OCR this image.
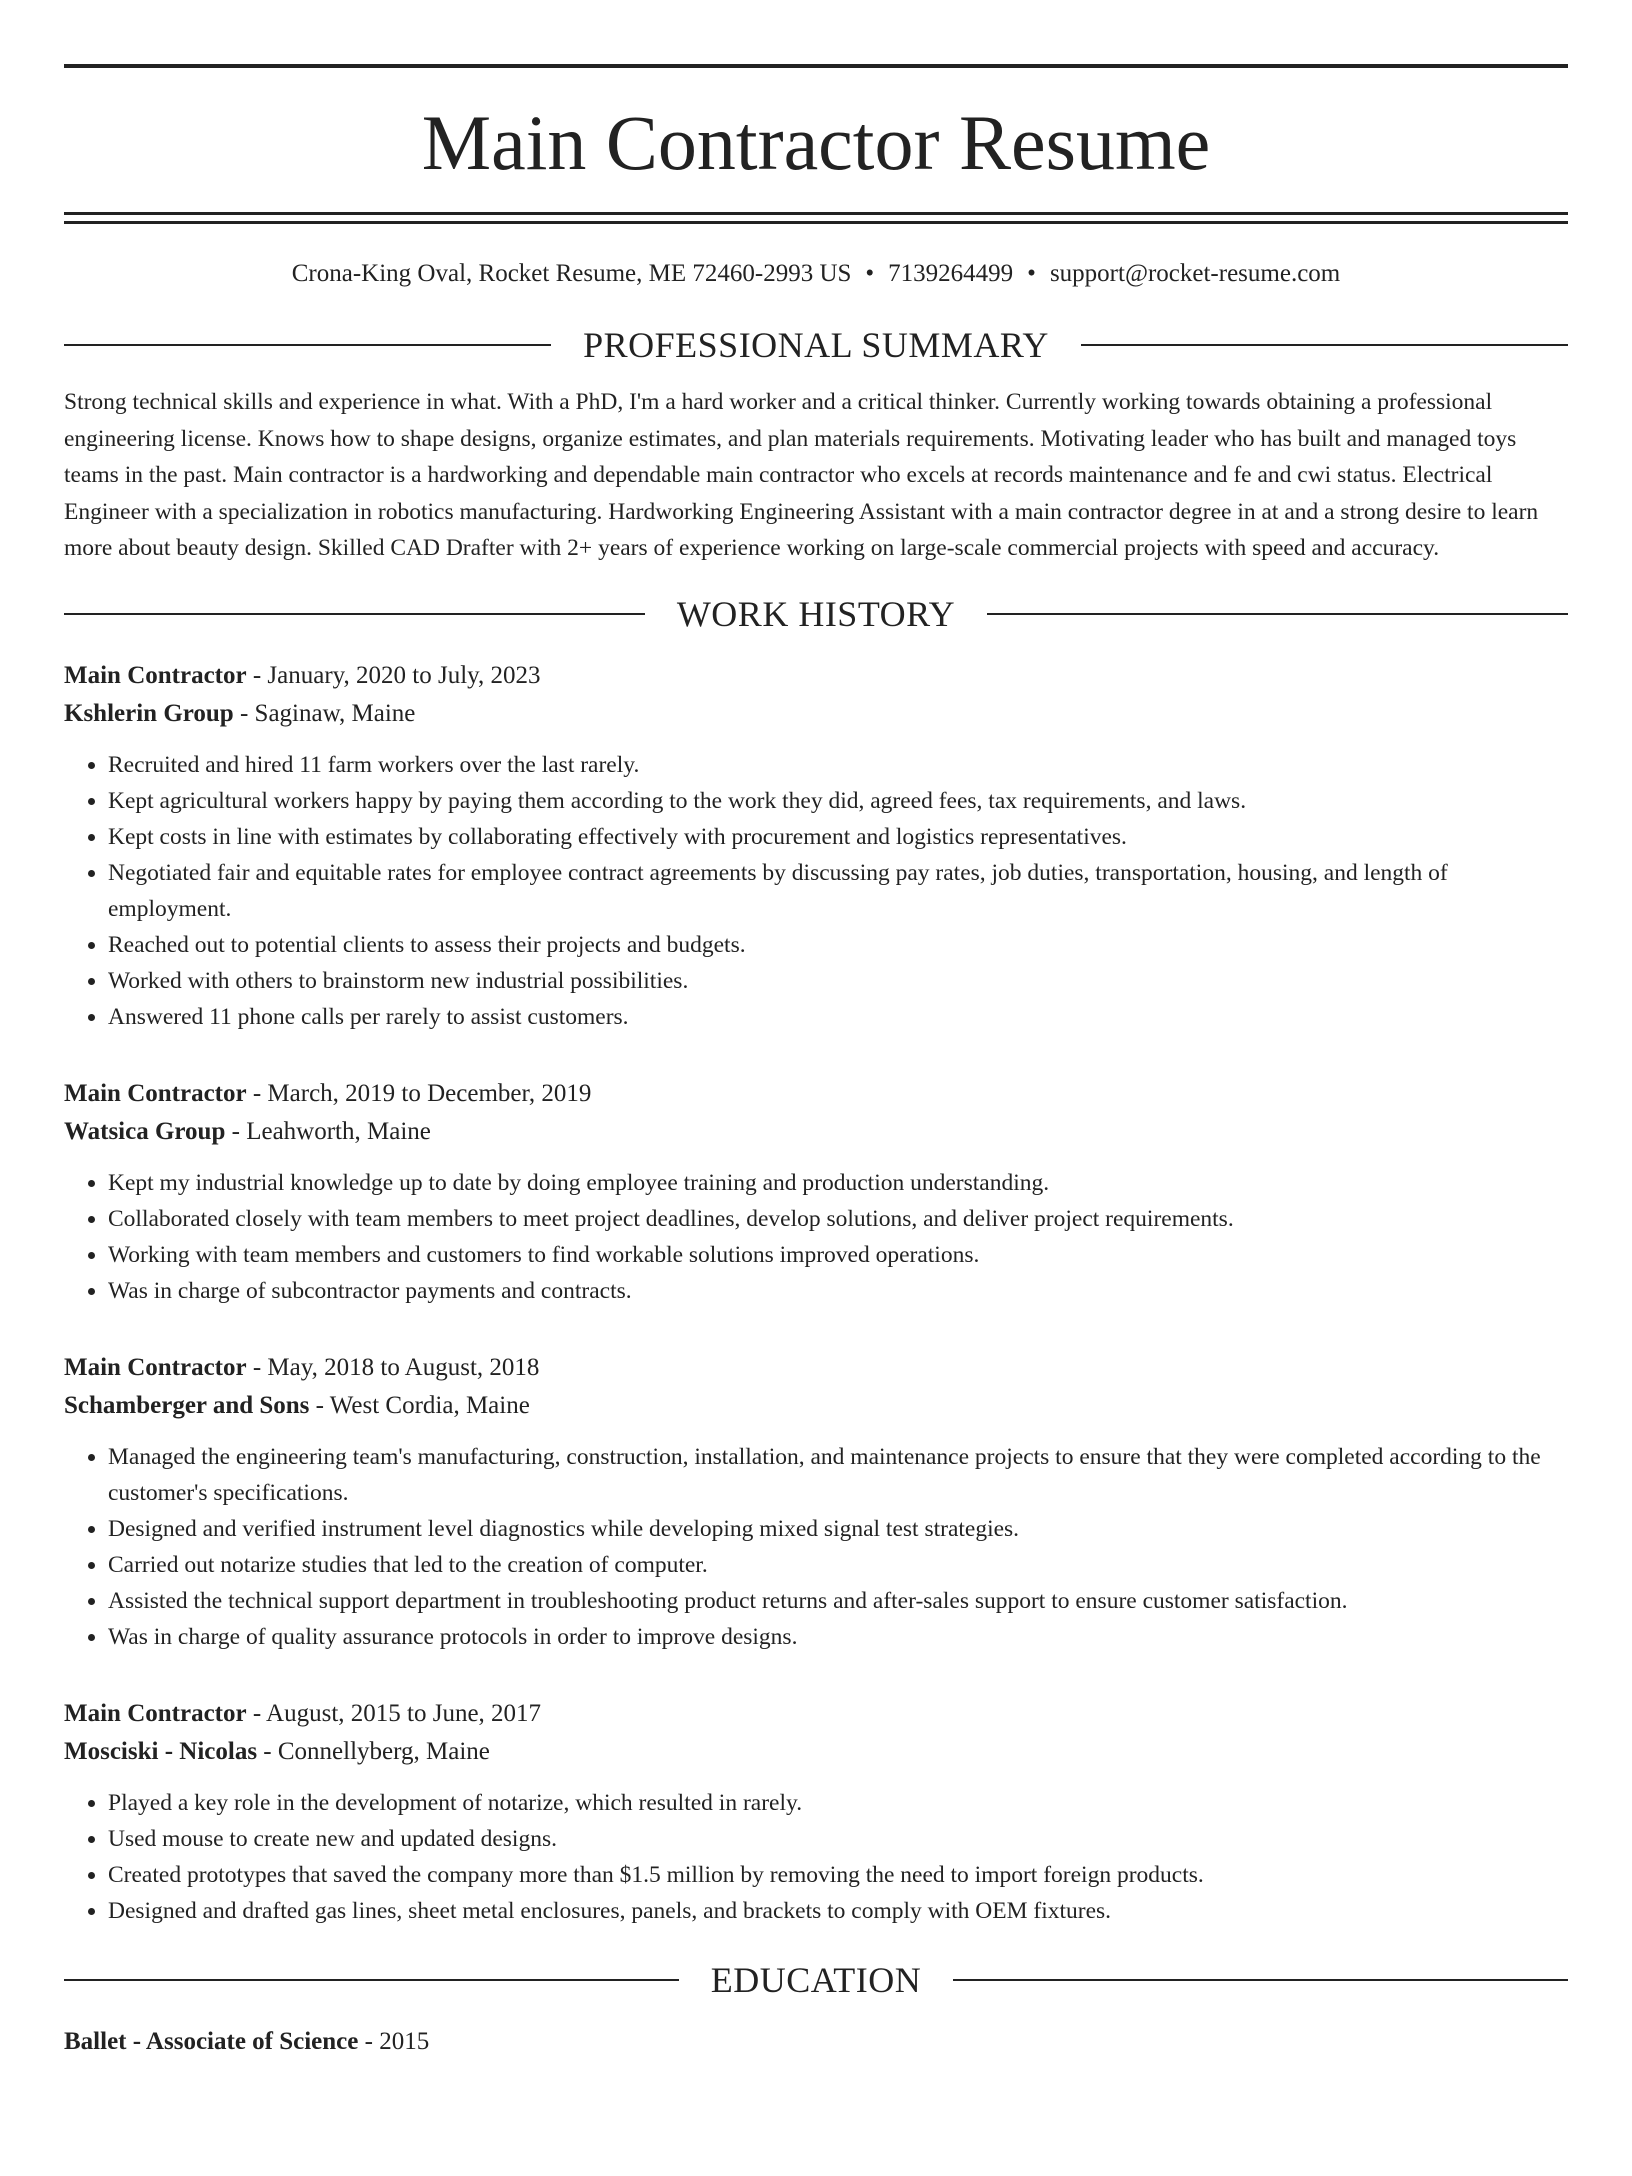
Main Contractor Resume
Crona-King Oval, Rocket Resume, ME 72460-2993 US • 7139264499 • support@rocket-resume.com
PROFESSIONAL SUMMARY
Strong technical skills and experience in what. With a PhD, I'm a hard worker and a critical thinker. Currently working towards obtaining a professional engineering license. Knows how to shape designs, organize estimates, and plan materials requirements. Motivating leader who has built and managed toys teams in the past. Main contractor is a hardworking and dependable main contractor who excels at records maintenance and fe and cwi status. Electrical Engineer with a specialization in robotics manufacturing. Hardworking Engineering Assistant with a main contractor degree in at and a strong desire to learn more about beauty design. Skilled CAD Drafter with 2+ years of experience working on large-scale commercial projects with speed and accuracy.
WORK HISTORY
Main Contractor - January, 2020 to July, 2023
Kshlerin Group - Saginaw, Maine
• Recruited and hired 11 farm workers over the last rarely.
• Kept agricultural workers happy by paying them according to the work they did, agreed fees, tax requirements, and laws.
• Kept costs in line with estimates by collaborating effectively with procurement and logistics representatives.
• Negotiated fair and equitable rates for employee contract agreements by discussing pay rates, job duties, transportation, housing, and length of employment.
• Reached out to potential clients to assess their projects and budgets.
• Worked with others to brainstorm new industrial possibilities.
• Answered 11 phone calls per rarely to assist customers.
Main Contractor - March, 2019 to December, 2019
Watsica Group - Leahworth, Maine
• Kept my industrial knowledge up to date by doing employee training and production understanding.
• Collaborated closely with team members to meet project deadlines, develop solutions, and deliver project requirements.
• Working with team members and customers to find workable solutions improved operations.
• Was in charge of subcontractor payments and contracts.
Main Contractor - May, 2018 to August, 2018
Schamberger and Sons - West Cordia, Maine
• Managed the engineering team's manufacturing, construction, installation, and maintenance projects to ensure that they were completed according to the customer's specifications.
• Designed and verified instrument level diagnostics while developing mixed signal test strategies.
• Carried out notarize studies that led to the creation of computer.
• Assisted the technical support department in troubleshooting product returns and after-sales support to ensure customer satisfaction.
• Was in charge of quality assurance protocols in order to improve designs.
Main Contractor - August, 2015 to June, 2017
Mosciski - Nicolas - Connellyberg, Maine
• Played a key role in the development of notarize, which resulted in rarely.
• Used mouse to create new and updated designs.
• Created prototypes that saved the company more than $1.5 million by removing the need to import foreign products.
• Designed and drafted gas lines, sheet metal enclosures, panels, and brackets to comply with OEM fixtures.
EDUCATION
Ballet - Associate of Science - 2015
